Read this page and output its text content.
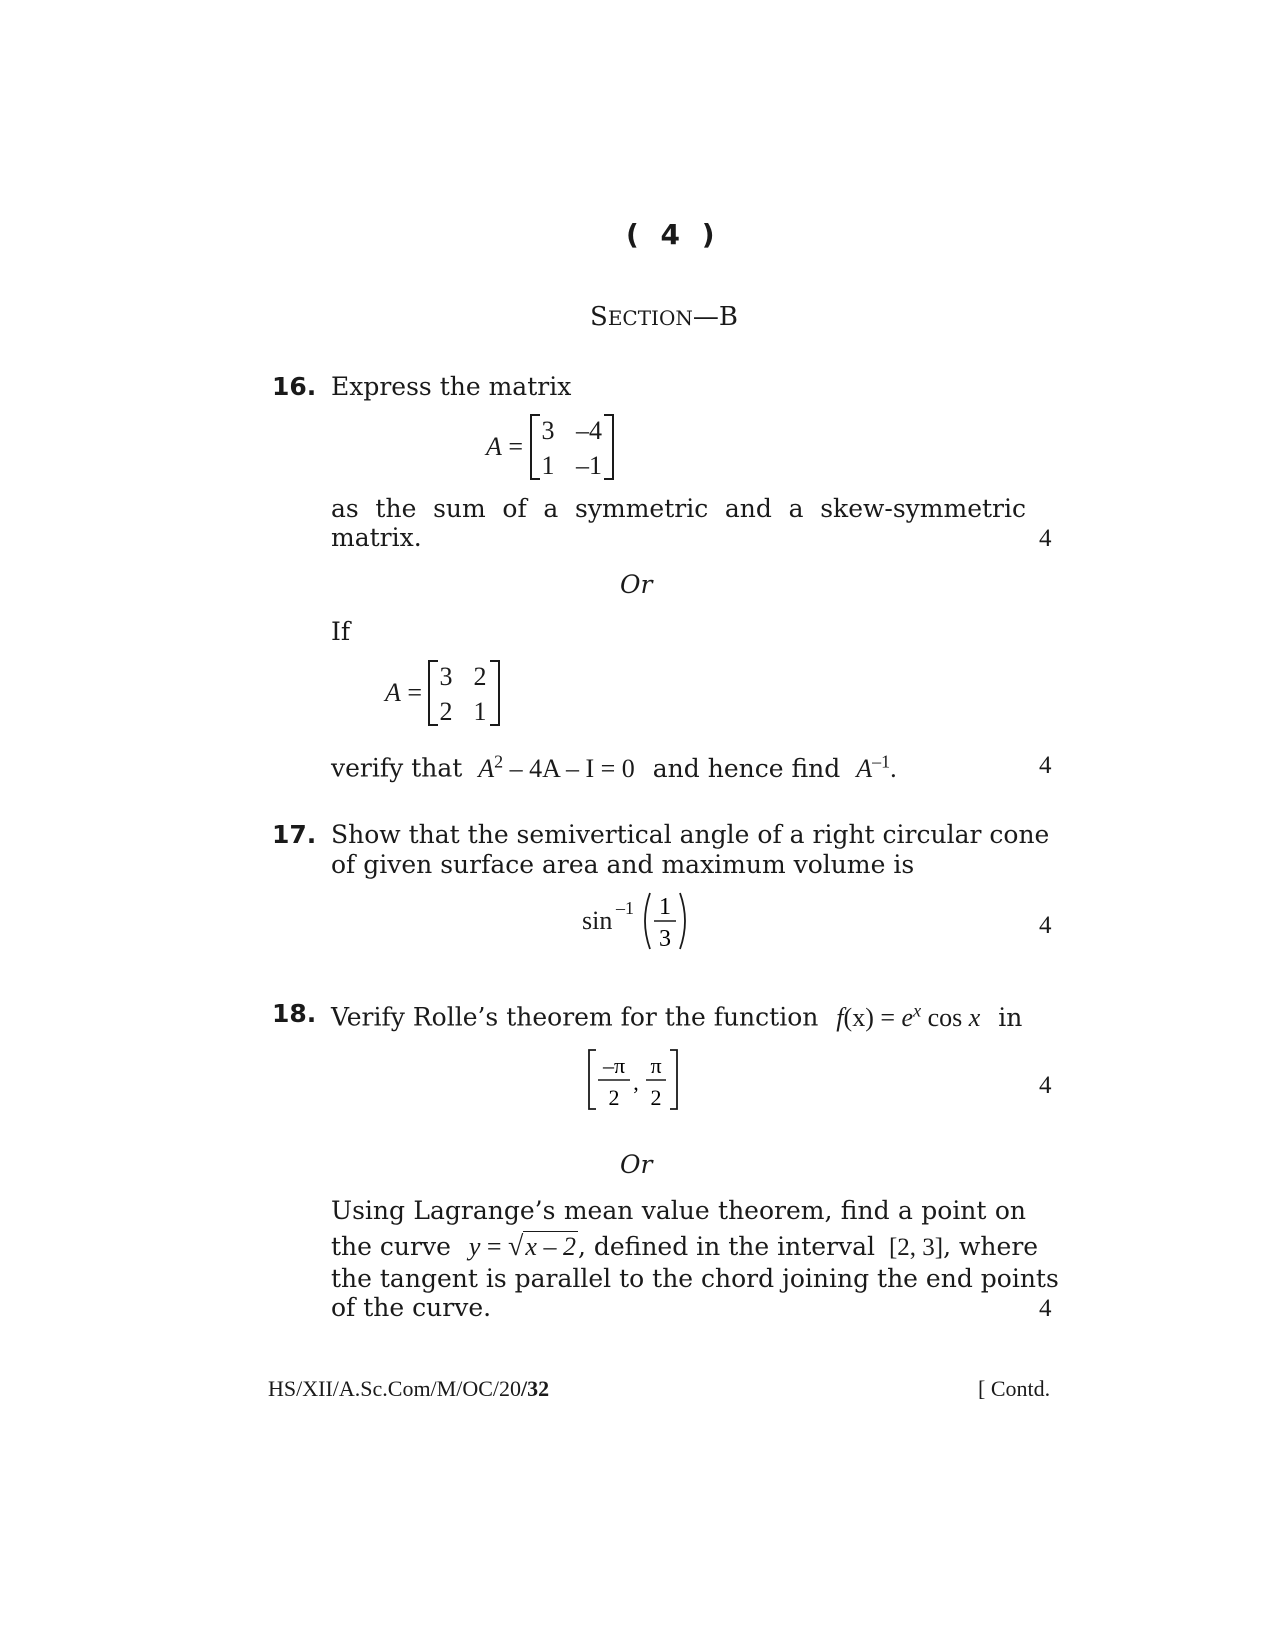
( 4 )
SECTION—B
16. Express the matrix
A =
3 –4
1 –1
as the sum of a symmetric and a skew-symmetric
matrix.	4
Or
If
A =
3 2
2 1
verify that $A^2 - 4A - I = 0$ and hence find $A^{-1}$.	4
17. Show that the semivertical angle of a right circular cone
of given surface area and maximum volume is
sin –1 1
3	4
18. Verify Rolle’s theorem for the function $f(x) = e^x$ cos x in
–π
2
,
π
2	4
Or
Using Lagrange’s mean value theorem, find a point on
the curve y = √x – 2, defined in the interval [2, 3], where
the tangent is parallel to the chord joining the end points
of the curve.	4
HS/XII/A.Sc.Com/M/OC/20/32	[ Contd.
